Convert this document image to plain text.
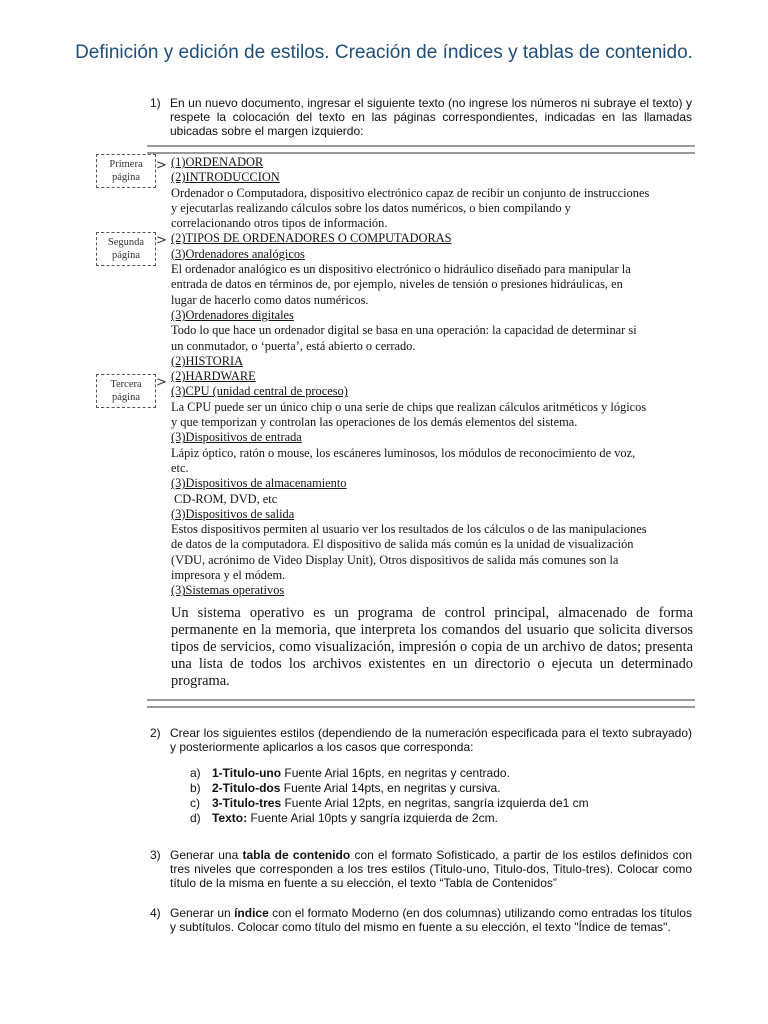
Definición y edición de estilos. Creación de índices y tablas de contenido.
1) En un nuevo documento, ingresar el siguiente texto (no ingrese los números ni subraye el texto) y respete la colocación del texto en las páginas correspondientes, indicadas en las llamadas ubicadas sobre el margen izquierdo:
Primera página
>
Segunda página
>
Tercera página
>
(1)ORDENADOR
(2)INTRODUCCION
Ordenador o Computadora, dispositivo electrónico capaz de recibir un conjunto de instrucciones
y ejecutarlas realizando cálculos sobre los datos numéricos, o bien compilando y
correlacionando otros tipos de información.
(2)TIPOS DE ORDENADORES O COMPUTADORAS
(3)Ordenadores analógicos
El ordenador analógico es un dispositivo electrónico o hidráulico diseñado para manipular la
entrada de datos en términos de, por ejemplo, niveles de tensión o presiones hidráulicas, en
lugar de hacerlo como datos numéricos.
(3)Ordenadores digitales
Todo lo que hace un ordenador digital se basa en una operación: la capacidad de determinar si
un conmutador, o ‘puerta’, está abierto o cerrado.
(2)HISTORIA
(2)HARDWARE
(3)CPU (unidad central de proceso)
La CPU puede ser un único chip o una serie de chips que realizan cálculos aritméticos y lógicos
y que temporizan y controlan las operaciones de los demás elementos del sistema.
(3)Dispositivos de entrada
Lápiz óptico, ratón o mouse, los escáneres luminosos, los módulos de reconocimiento de voz,
etc.
(3)Dispositivos de almacenamiento
CD-ROM, DVD, etc
(3)Dispositivos de salida
Estos dispositivos permiten al usuario ver los resultados de los cálculos o de las manipulaciones
de datos de la computadora. El dispositivo de salida más común es la unidad de visualización
(VDU, acrónimo de Video Display Unit), Otros dispositivos de salida más comunes son la
impresora y el módem.
(3)Sistemas operativos
Un sistema operativo es un programa de control principal, almacenado de forma permanente en la memoria, que interpreta los comandos del usuario que solicita diversos tipos de servicios, como visualización, impresión o copia de un archivo de datos; presenta una lista de todos los archivos existentes en un directorio o ejecuta un determinado programa.
2) Crear los siguientes estilos (dependiendo de la numeración especificada para el texto subrayado) y posteriormente aplicarlos a los casos que corresponda:
a) 1-Titulo-uno Fuente Arial 16pts, en negritas y centrado.
b) 2-Titulo-dos Fuente Arial 14pts, en negritas y cursiva.
c) 3-Titulo-tres Fuente Arial 12pts, en negritas, sangría izquierda de1 cm
d) Texto: Fuente Arial 10pts y sangría izquierda de 2cm.
3) Generar una tabla de contenido con el formato Sofisticado, a partir de los estilos definidos con tres niveles que corresponden a los tres estilos (Titulo-uno, Titulo-dos, Titulo-tres). Colocar como título de la misma en fuente a su elección, el texto “Tabla de Contenidos”
4) Generar un índice con el formato Moderno (en dos columnas) utilizando como entradas los títulos y subtítulos. Colocar como título del mismo en fuente a su elección, el texto "Índice de temas".
